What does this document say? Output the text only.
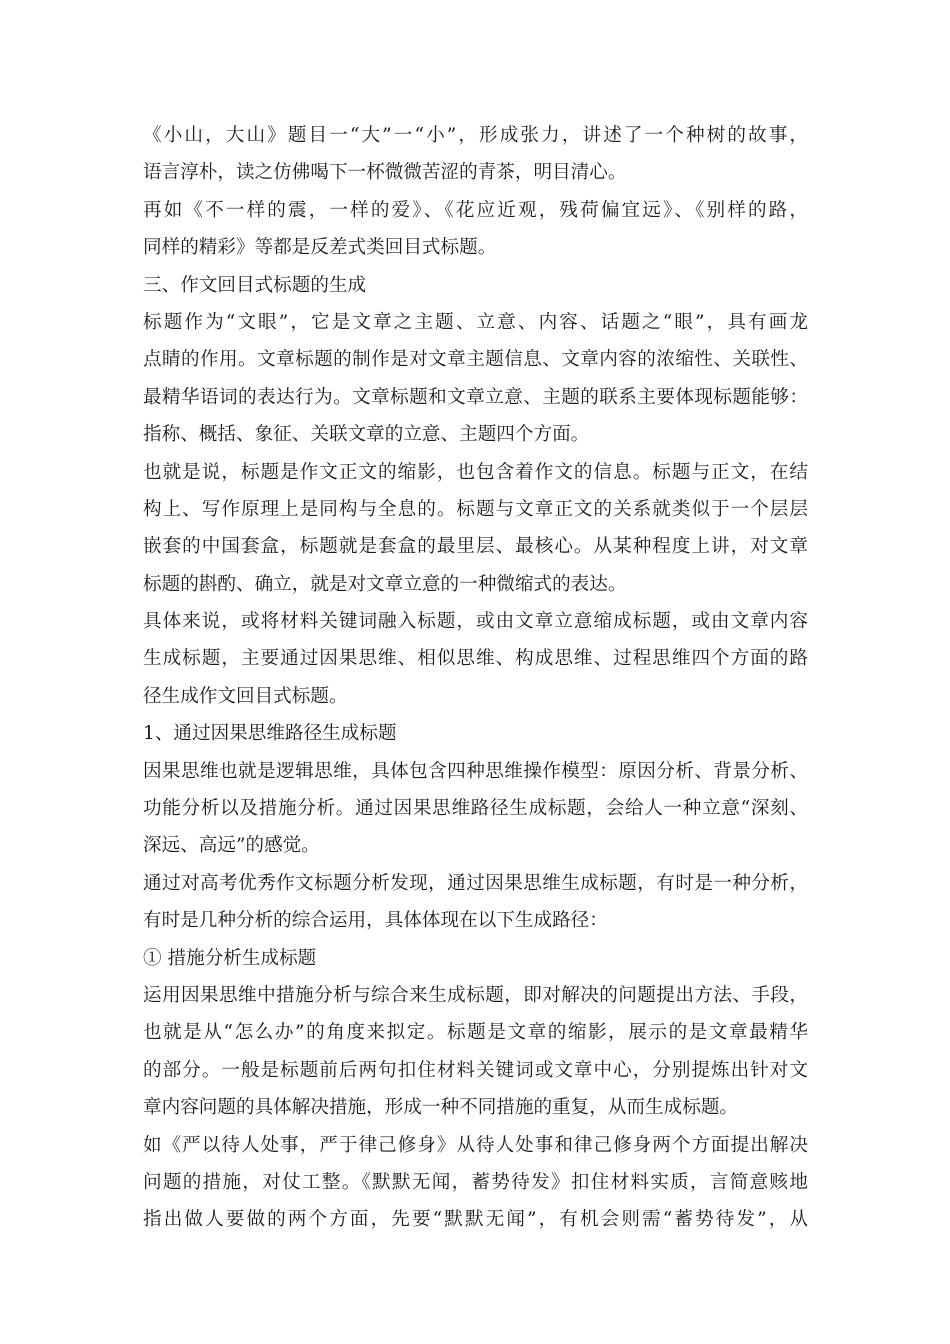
《小山，大山》题目一“大”一“小”，形成张力，讲述了一个种树的故事，
语言淳朴，读之仿佛喝下一杯微微苦涩的青茶，明目清心。
再如《不一样的震，一样的爱》、《花应近观，残荷偏宜远》、《别样的路，
同样的精彩》等都是反差式类回目式标题。
三、作文回目式标题的生成
标题作为“文眼”，它是文章之主题、立意、内容、话题之“眼”，具有画龙
点睛的作用。文章标题的制作是对文章主题信息、文章内容的浓缩性、关联性、
最精华语词的表达行为。文章标题和文章立意、主题的联系主要体现标题能够：
指称、概括、象征、关联文章的立意、主题四个方面。
也就是说，标题是作文正文的缩影，也包含着作文的信息。标题与正文，在结
构上、写作原理上是同构与全息的。标题与文章正文的关系就类似于一个层层
嵌套的中国套盒，标题就是套盒的最里层、最核心。从某种程度上讲，对文章
标题的斟酌、确立，就是对文章立意的一种微缩式的表达。
具体来说，或将材料关键词融入标题，或由文章立意缩成标题，或由文章内容
生成标题，主要通过因果思维、相似思维、构成思维、过程思维四个方面的路
径生成作文回目式标题。
1、通过因果思维路径生成标题
因果思维也就是逻辑思维，具体包含四种思维操作模型：原因分析、背景分析、
功能分析以及措施分析。通过因果思维路径生成标题，会给人一种立意“深刻、
深远、高远”的感觉。
通过对高考优秀作文标题分析发现，通过因果思维生成标题，有时是一种分析，
有时是几种分析的综合运用，具体体现在以下生成路径：
① 措施分析生成标题
运用因果思维中措施分析与综合来生成标题，即对解决的问题提出方法、手段，
也就是从“怎么办”的角度来拟定。标题是文章的缩影，展示的是文章最精华
的部分。一般是标题前后两句扣住材料关键词或文章中心，分别提炼出针对文
章内容问题的具体解决措施，形成一种不同措施的重复，从而生成标题。
如《严以待人处事，严于律己修身》从待人处事和律己修身两个方面提出解决
问题的措施，对仗工整。《默默无闻，蓄势待发》扣住材料实质，言简意赅地
指出做人要做的两个方面，先要“默默无闻”，有机会则需“蓄势待发”，从
